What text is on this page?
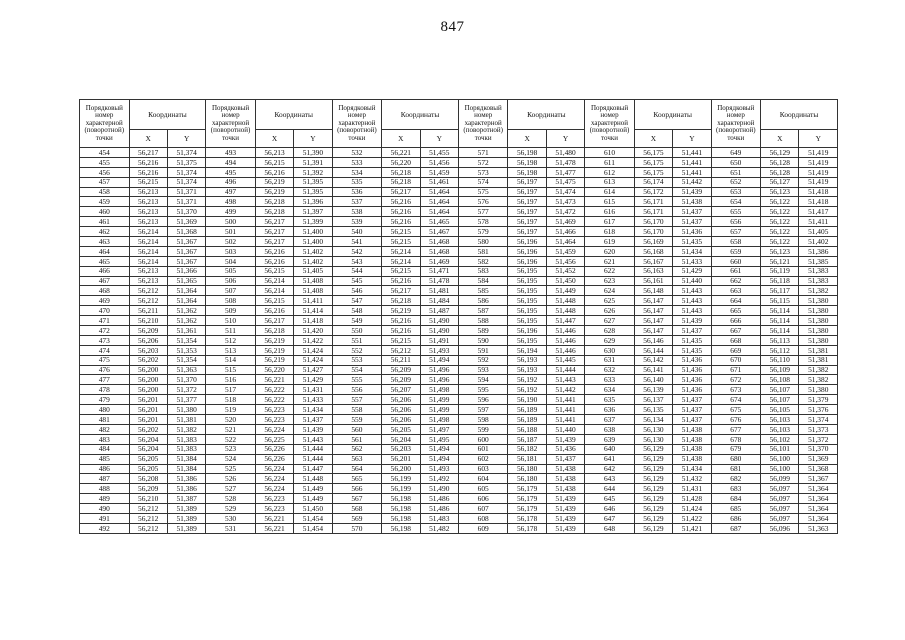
847
Порядковый номер характерной (поворотной) точки	Координаты		Порядковый номер характерной (поворотной) точки	Координаты		Порядковый номер характерной (поворотной) точки	Координаты		Порядковый номер характерной (поворотной) точки	Координаты		Порядковый номер характерной (поворотной) точки	Координаты		Порядковый номер характерной (поворотной) точки	Координаты	
	X	Y		X	Y		X	Y		X	Y		X	Y		X	Y
454	56,217	51,374	493	56,213	51,390	532	56,221	51,455	571	56,198	51,480	610	56,175	51,441	649	56,129	51,419
455	56,216	51,375	494	56,215	51,391	533	56,220	51,456	572	56,198	51,478	611	56,175	51,441	650	56,128	51,419
456	56,216	51,374	495	56,216	51,392	534	56,218	51,459	573	56,198	51,477	612	56,175	51,441	651	56,128	51,419
457	56,215	51,374	496	56,219	51,395	535	56,218	51,461	574	56,197	51,475	613	56,174	51,442	652	56,127	51,419
458	56,213	51,371	497	56,219	51,395	536	56,217	51,464	575	56,197	51,474	614	56,172	51,439	653	56,123	51,418
459	56,213	51,371	498	56,218	51,396	537	56,216	51,464	576	56,197	51,473	615	56,171	51,438	654	56,122	51,418
460	56,213	51,370	499	56,218	51,397	538	56,216	51,464	577	56,197	51,472	616	56,171	51,437	655	56,122	51,417
461	56,213	51,369	500	56,217	51,399	539	56,216	51,465	578	56,197	51,469	617	56,170	51,437	656	56,122	51,411
462	56,214	51,368	501	56,217	51,400	540	56,215	51,467	579	56,197	51,466	618	56,170	51,436	657	56,122	51,405
463	56,214	51,367	502	56,217	51,400	541	56,215	51,468	580	56,196	51,464	619	56,169	51,435	658	56,122	51,402
464	56,214	51,367	503	56,216	51,402	542	56,214	51,468	581	56,196	51,459	620	56,168	51,434	659	56,123	51,386
465	56,214	51,367	504	56,216	51,402	543	56,214	51,469	582	56,196	51,456	621	56,167	51,433	660	56,121	51,385
466	56,213	51,366	505	56,215	51,405	544	56,215	51,471	583	56,195	51,452	622	56,163	51,429	661	56,119	51,383
467	56,213	51,365	506	56,214	51,408	545	56,216	51,478	584	56,195	51,450	623	56,161	51,440	662	56,118	51,383
468	56,212	51,364	507	56,214	51,408	546	56,217	51,481	585	56,195	51,449	624	56,148	51,443	663	56,117	51,382
469	56,212	51,364	508	56,215	51,411	547	56,218	51,484	586	56,195	51,448	625	56,147	51,443	664	56,115	51,380
470	56,211	51,362	509	56,216	51,414	548	56,219	51,487	587	56,195	51,448	626	56,147	51,443	665	56,114	51,380
471	56,210	51,362	510	56,217	51,418	549	56,216	51,490	588	56,195	51,447	627	56,147	51,439	666	56,114	51,380
472	56,209	51,361	511	56,218	51,420	550	56,216	51,490	589	56,196	51,446	628	56,147	51,437	667	56,114	51,380
473	56,206	51,354	512	56,219	51,422	551	56,215	51,491	590	56,195	51,446	629	56,146	51,435	668	56,113	51,380
474	56,203	51,353	513	56,219	51,424	552	56,212	51,493	591	56,194	51,446	630	56,144	51,435	669	56,112	51,381
475	56,202	51,354	514	56,219	51,424	553	56,211	51,494	592	56,193	51,445	631	56,142	51,436	670	56,110	51,381
476	56,200	51,363	515	56,220	51,427	554	56,209	51,496	593	56,193	51,444	632	56,141	51,436	671	56,109	51,382
477	56,200	51,370	516	56,221	51,429	555	56,209	51,496	594	56,192	51,443	633	56,140	51,436	672	56,108	51,382
478	56,200	51,372	517	56,222	51,431	556	56,207	51,498	595	56,192	51,442	634	56,139	51,436	673	56,107	51,380
479	56,201	51,377	518	56,222	51,433	557	56,206	51,499	596	56,190	51,441	635	56,137	51,437	674	56,107	51,379
480	56,201	51,380	519	56,223	51,434	558	56,206	51,499	597	56,189	51,441	636	56,135	51,437	675	56,105	51,376
481	56,201	51,381	520	56,223	51,437	559	56,206	51,498	598	56,189	51,441	637	56,134	51,437	676	56,103	51,374
482	56,202	51,382	521	56,224	51,439	560	56,205	51,497	599	56,188	51,440	638	56,130	51,438	677	56,103	51,373
483	56,204	51,383	522	56,225	51,443	561	56,204	51,495	600	56,187	51,439	639	56,130	51,438	678	56,102	51,372
484	56,204	51,383	523	56,226	51,444	562	56,203	51,494	601	56,182	51,436	640	56,129	51,438	679	56,101	51,370
485	56,205	51,384	524	56,226	51,444	563	56,201	51,494	602	56,181	51,437	641	56,129	51,438	680	56,100	51,369
486	56,205	51,384	525	56,224	51,447	564	56,200	51,493	603	56,180	51,438	642	56,129	51,434	681	56,100	51,368
487	56,208	51,386	526	56,224	51,448	565	56,199	51,492	604	56,180	51,438	643	56,129	51,432	682	56,099	51,367
488	56,209	51,386	527	56,224	51,449	566	56,199	51,490	605	56,179	51,438	644	56,129	51,431	683	56,097	51,364
489	56,210	51,387	528	56,223	51,449	567	56,198	51,486	606	56,179	51,439	645	56,129	51,428	684	56,097	51,364
490	56,212	51,389	529	56,223	51,450	568	56,198	51,486	607	56,179	51,439	646	56,129	51,424	685	56,097	51,364
491	56,212	51,389	530	56,221	51,454	569	56,198	51,483	608	56,178	51,439	647	56,129	51,422	686	56,097	51,364
492	56,212	51,389	531	56,221	51,454	570	56,198	51,482	609	56,178	51,439	648	56,129	51,421	687	56,096	51,363
